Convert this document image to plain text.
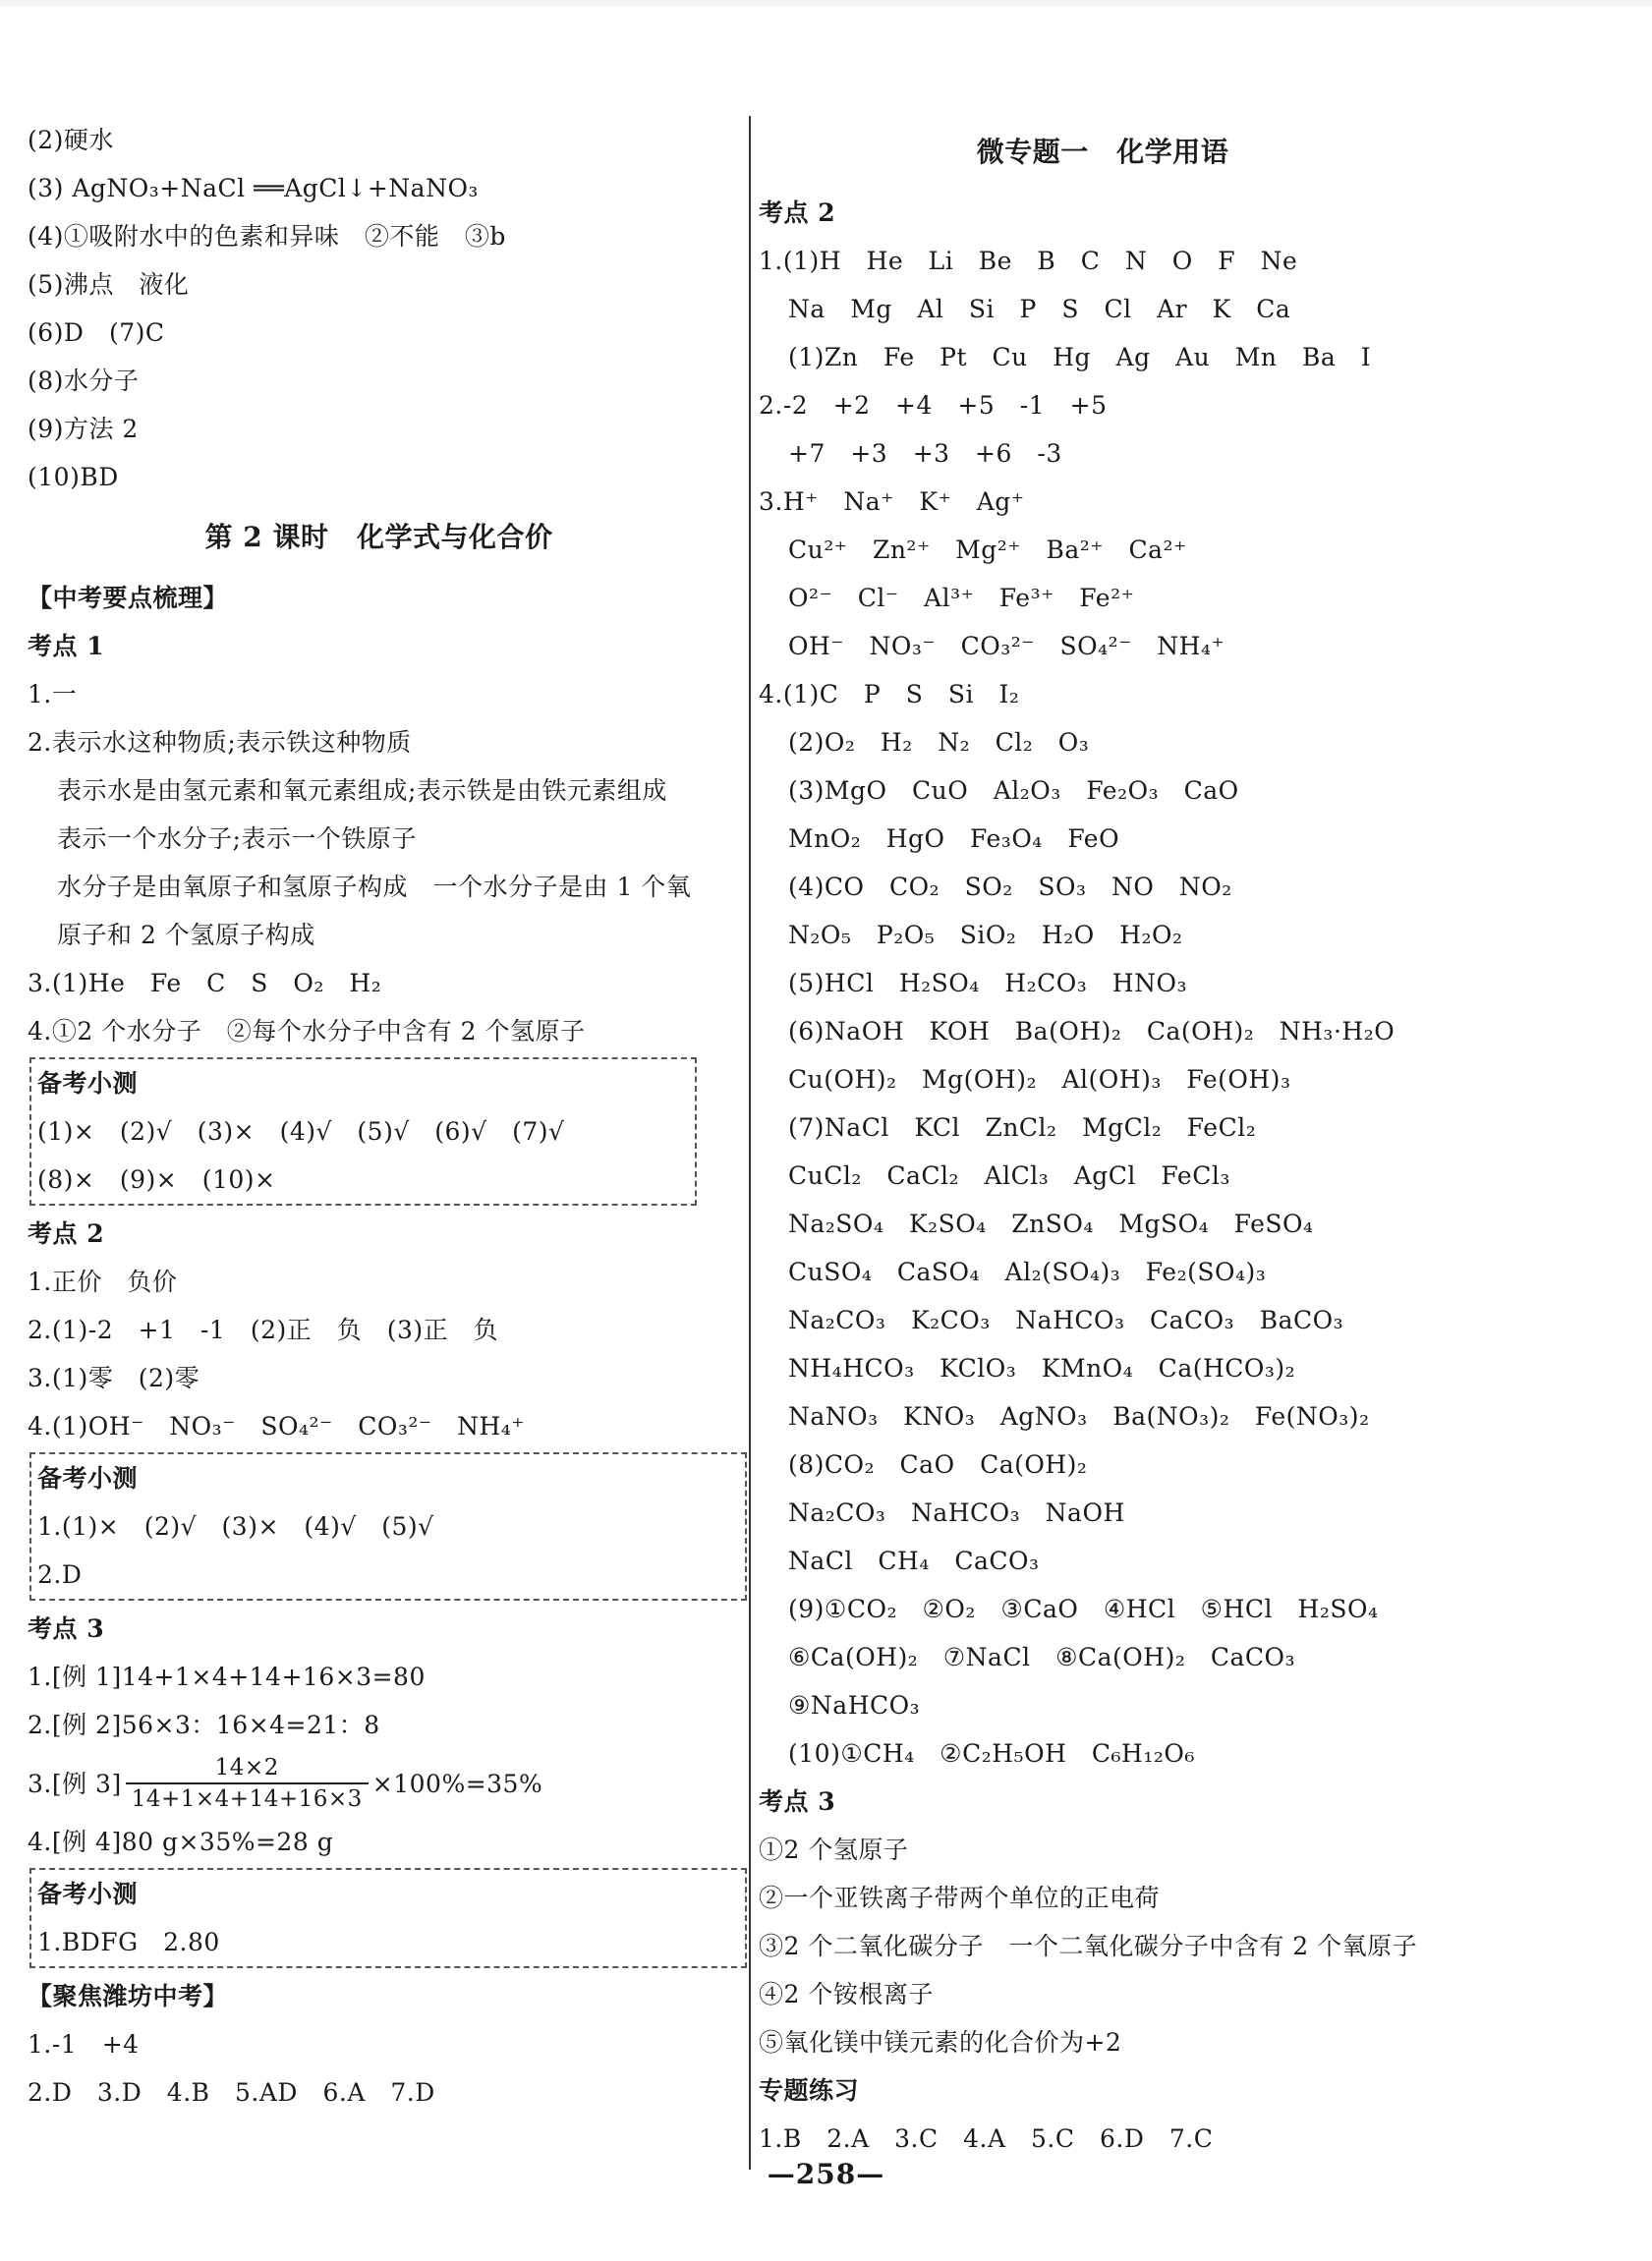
(2)硬水
(3) AgNO₃+NaCl ══AgCl↓+NaNO₃
(4)①吸附水中的色素和异味　②不能　③b
(5)沸点　液化
(6)D　(7)C
(8)水分子
(9)方法 2
(10)BD
第 2 课时　化学式与化合价
【中考要点梳理】
考点 1
1.一
2.表示水这种物质;表示铁这种物质
表示水是由氢元素和氧元素组成;表示铁是由铁元素组成
表示一个水分子;表示一个铁原子
水分子是由氧原子和氢原子构成　一个水分子是由 1 个氧
原子和 2 个氢原子构成
3.(1)He　Fe　C　S　O₂　H₂
4.①2 个水分子　②每个水分子中含有 2 个氢原子
备考小测
(1)×　(2)√　(3)×　(4)√　(5)√　(6)√　(7)√
(8)×　(9)×　(10)×
考点 2
1.正价　负价
2.(1)-2　+1　-1　(2)正　负　(3)正　负
3.(1)零　(2)零
4.(1)OH⁻　NO₃⁻　SO₄²⁻　CO₃²⁻　NH₄⁺
备考小测
1.(1)×　(2)√　(3)×　(4)√　(5)√
2.D
考点 3
1.[例 1]14+1×4+14+16×3=80
2.[例 2]56×3：16×4=21：8
3.[例 $3] \frac{14\times 2}{14+1\times 4+14+16\times 3} \times 100\%=35\%$
4.[例 4]80 g×35%=28 g
备考小测
1.BDFG　2.80
【聚焦潍坊中考】
1.-1　+4
2.D　3.D　4.B　5.AD　6.A　7.D
微专题一　化学用语
考点 2
1.(1)H　He　Li　Be　B　C　N　O　F　Ne
Na　Mg　Al　Si　P　S　Cl　Ar　K　Ca
(1)Zn　Fe　Pt　Cu　Hg　Ag　Au　Mn　Ba　I
2.-2　+2　+4　+5　-1　+5
+7　+3　+3　+6　-3
3.H⁺　Na⁺　K⁺　Ag⁺
Cu²⁺　Zn²⁺　Mg²⁺　Ba²⁺　Ca²⁺
O²⁻　Cl⁻　Al³⁺　Fe³⁺　Fe²⁺
OH⁻　NO₃⁻　CO₃²⁻　SO₄²⁻　NH₄⁺
4.(1)C　P　S　Si　I₂
(2)O₂　H₂　N₂　Cl₂　O₃
(3)MgO　CuO　Al₂O₃　Fe₂O₃　CaO
MnO₂　HgO　Fe₃O₄　FeO
(4)CO　CO₂　SO₂　SO₃　NO　NO₂
N₂O₅　P₂O₅　SiO₂　H₂O　H₂O₂
(5)HCl　H₂SO₄　H₂CO₃　HNO₃
(6)NaOH　KOH　Ba(OH)₂　Ca(OH)₂　NH₃·H₂O
Cu(OH)₂　Mg(OH)₂　Al(OH)₃　Fe(OH)₃
(7)NaCl　KCl　ZnCl₂　MgCl₂　FeCl₂
CuCl₂　CaCl₂　AlCl₃　AgCl　FeCl₃
Na₂SO₄　K₂SO₄　ZnSO₄　MgSO₄　FeSO₄
CuSO₄　CaSO₄　Al₂(SO₄)₃　Fe₂(SO₄)₃
Na₂CO₃　K₂CO₃　NaHCO₃　CaCO₃　BaCO₃
NH₄HCO₃　KClO₃　KMnO₄　Ca(HCO₃)₂
NaNO₃　KNO₃　AgNO₃　Ba(NO₃)₂　Fe(NO₃)₂
(8)CO₂　CaO　Ca(OH)₂
Na₂CO₃　NaHCO₃　NaOH
NaCl　CH₄　CaCO₃
(9)①CO₂　②O₂　③CaO　④HCl　⑤HCl　H₂SO₄
⑥Ca(OH)₂　⑦NaCl　⑧Ca(OH)₂　CaCO₃
⑨NaHCO₃
(10)①CH₄　②C₂H₅OH　C₆H₁₂O₆
考点 3
①2 个氢原子
②一个亚铁离子带两个单位的正电荷
③2 个二氧化碳分子　一个二氧化碳分子中含有 2 个氧原子
④2 个铵根离子
⑤氧化镁中镁元素的化合价为+2
专题练习
1.B　2.A　3.C　4.A　5.C　6.D　7.C
—258—
